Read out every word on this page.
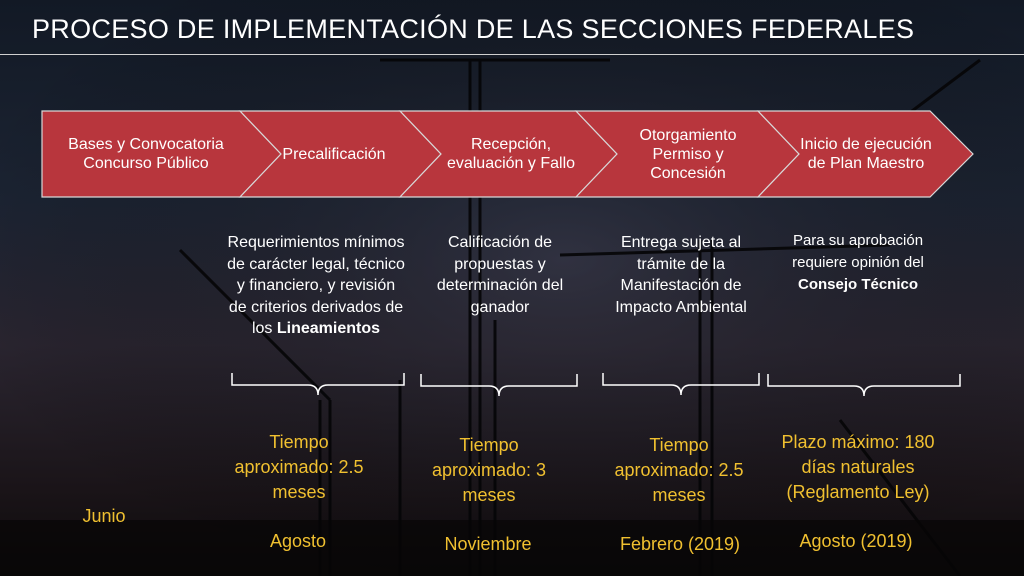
PROCESO DE IMPLEMENTACIÓN DE LAS SECCIONES FEDERALES
Bases y Convocatoria Concurso Público
Precalificación
Recepción, evaluación y Fallo
Otorgamiento Permiso y Concesión
Inicio de ejecución de Plan Maestro
Requerimientos mínimos de carácter legal, técnico y financiero, y revisión de criterios derivados de los Lineamientos
Calificación de propuestas y determinación del ganador
Entrega sujeta al trámite de la Manifestación de Impacto Ambiental
Para su aprobación requiere opinión del Consejo Técnico
Tiempo aproximado: 2.5 meses
Tiempo aproximado: 3 meses
Tiempo aproximado: 2.5 meses
Plazo máximo: 180 días naturales (Reglamento Ley)
Junio
Agosto	Noviembre	Febrero (2019)	Agosto (2019)
